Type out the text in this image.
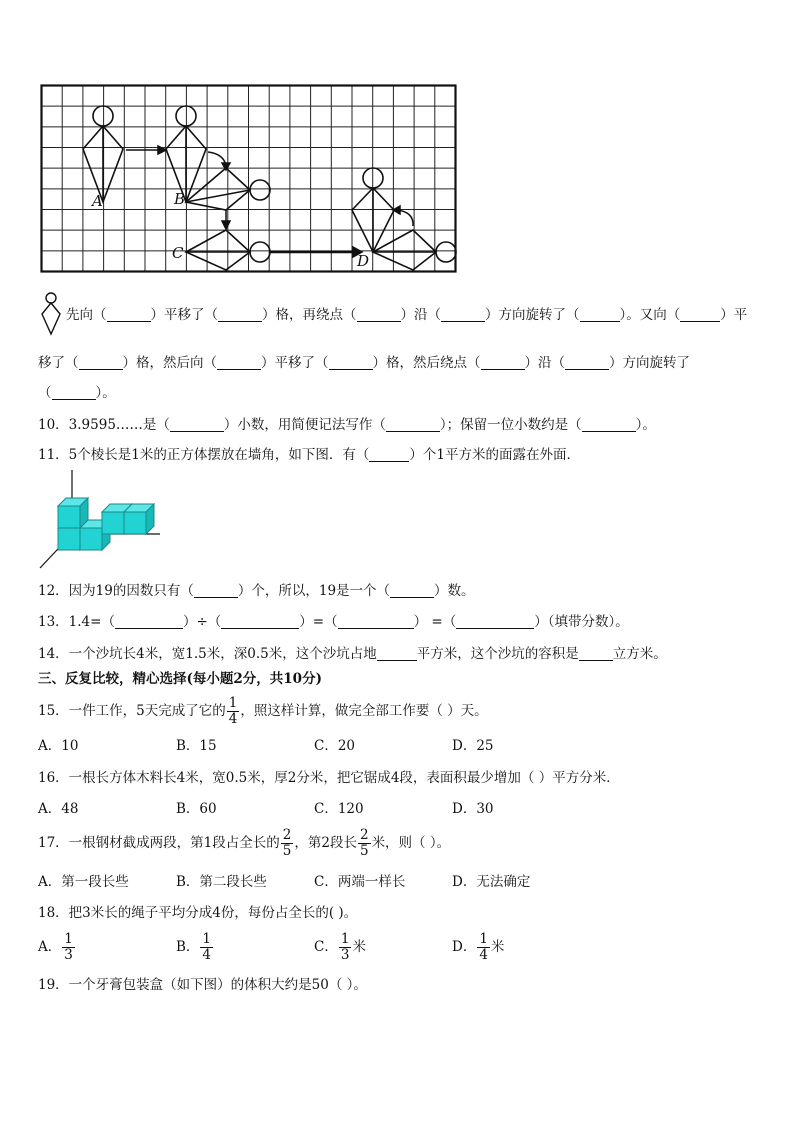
A	B
C	D
先向（	）平移了（	）格，再绕点（	）沿（	）方向旋转了（	）。又向（	）平
移了（	）格，然后向（	）平移了（	）格，然后绕点（	）沿（	）方向旋转了
（	）。
10．3.9595……是（	）小数，用简便记法写作（	）；保留一位小数约是（	）。
11．5个棱长是1米的正方体摆放在墙角，如下图．有（	）个1平方米的面露在外面．
12．因为19的因数只有（	）个，所以，19是一个（	）数。
13．1.4=（	）÷（	）=（	） =（	）（填带分数）。
14．一个沙坑长4米，宽1.5米，深0.5米，这个沙坑占地	平方米，这个沙坑的容积是	立方米。
三、反复比较，精心选择(每小题2分，共10分)
15．一件工作，5天完成了它的 $\frac{1}{4}$ ，照这样计算，做完全部工作要（ ）天。
A．10	B．15	C．20	D．25
16．一根长方体木料长4米，宽0.5米，厚2分米，把它锯成4段，表面积最少增加（ ）平方分米．
A．48	B．60	C．120	D．30
17．一根钢材截成两段，第1段占全长的 $\frac{2}{5}$ ，第2段长 $\frac{2}{5}$ 米，则（ ）。
A．第一段长些	B．第二段长些	C．两端一样长	D．无法确定
18．把3米长的绳子平均分成4份，每份占全长的( )。
A． $\frac{1}{3}$	B． $\frac{1}{4}$	C． $\frac{1}{3}$ 米	D． $\frac{1}{4}$ 米
19．一个牙膏包装盒（如下图）的体积大约是50（ ）。
